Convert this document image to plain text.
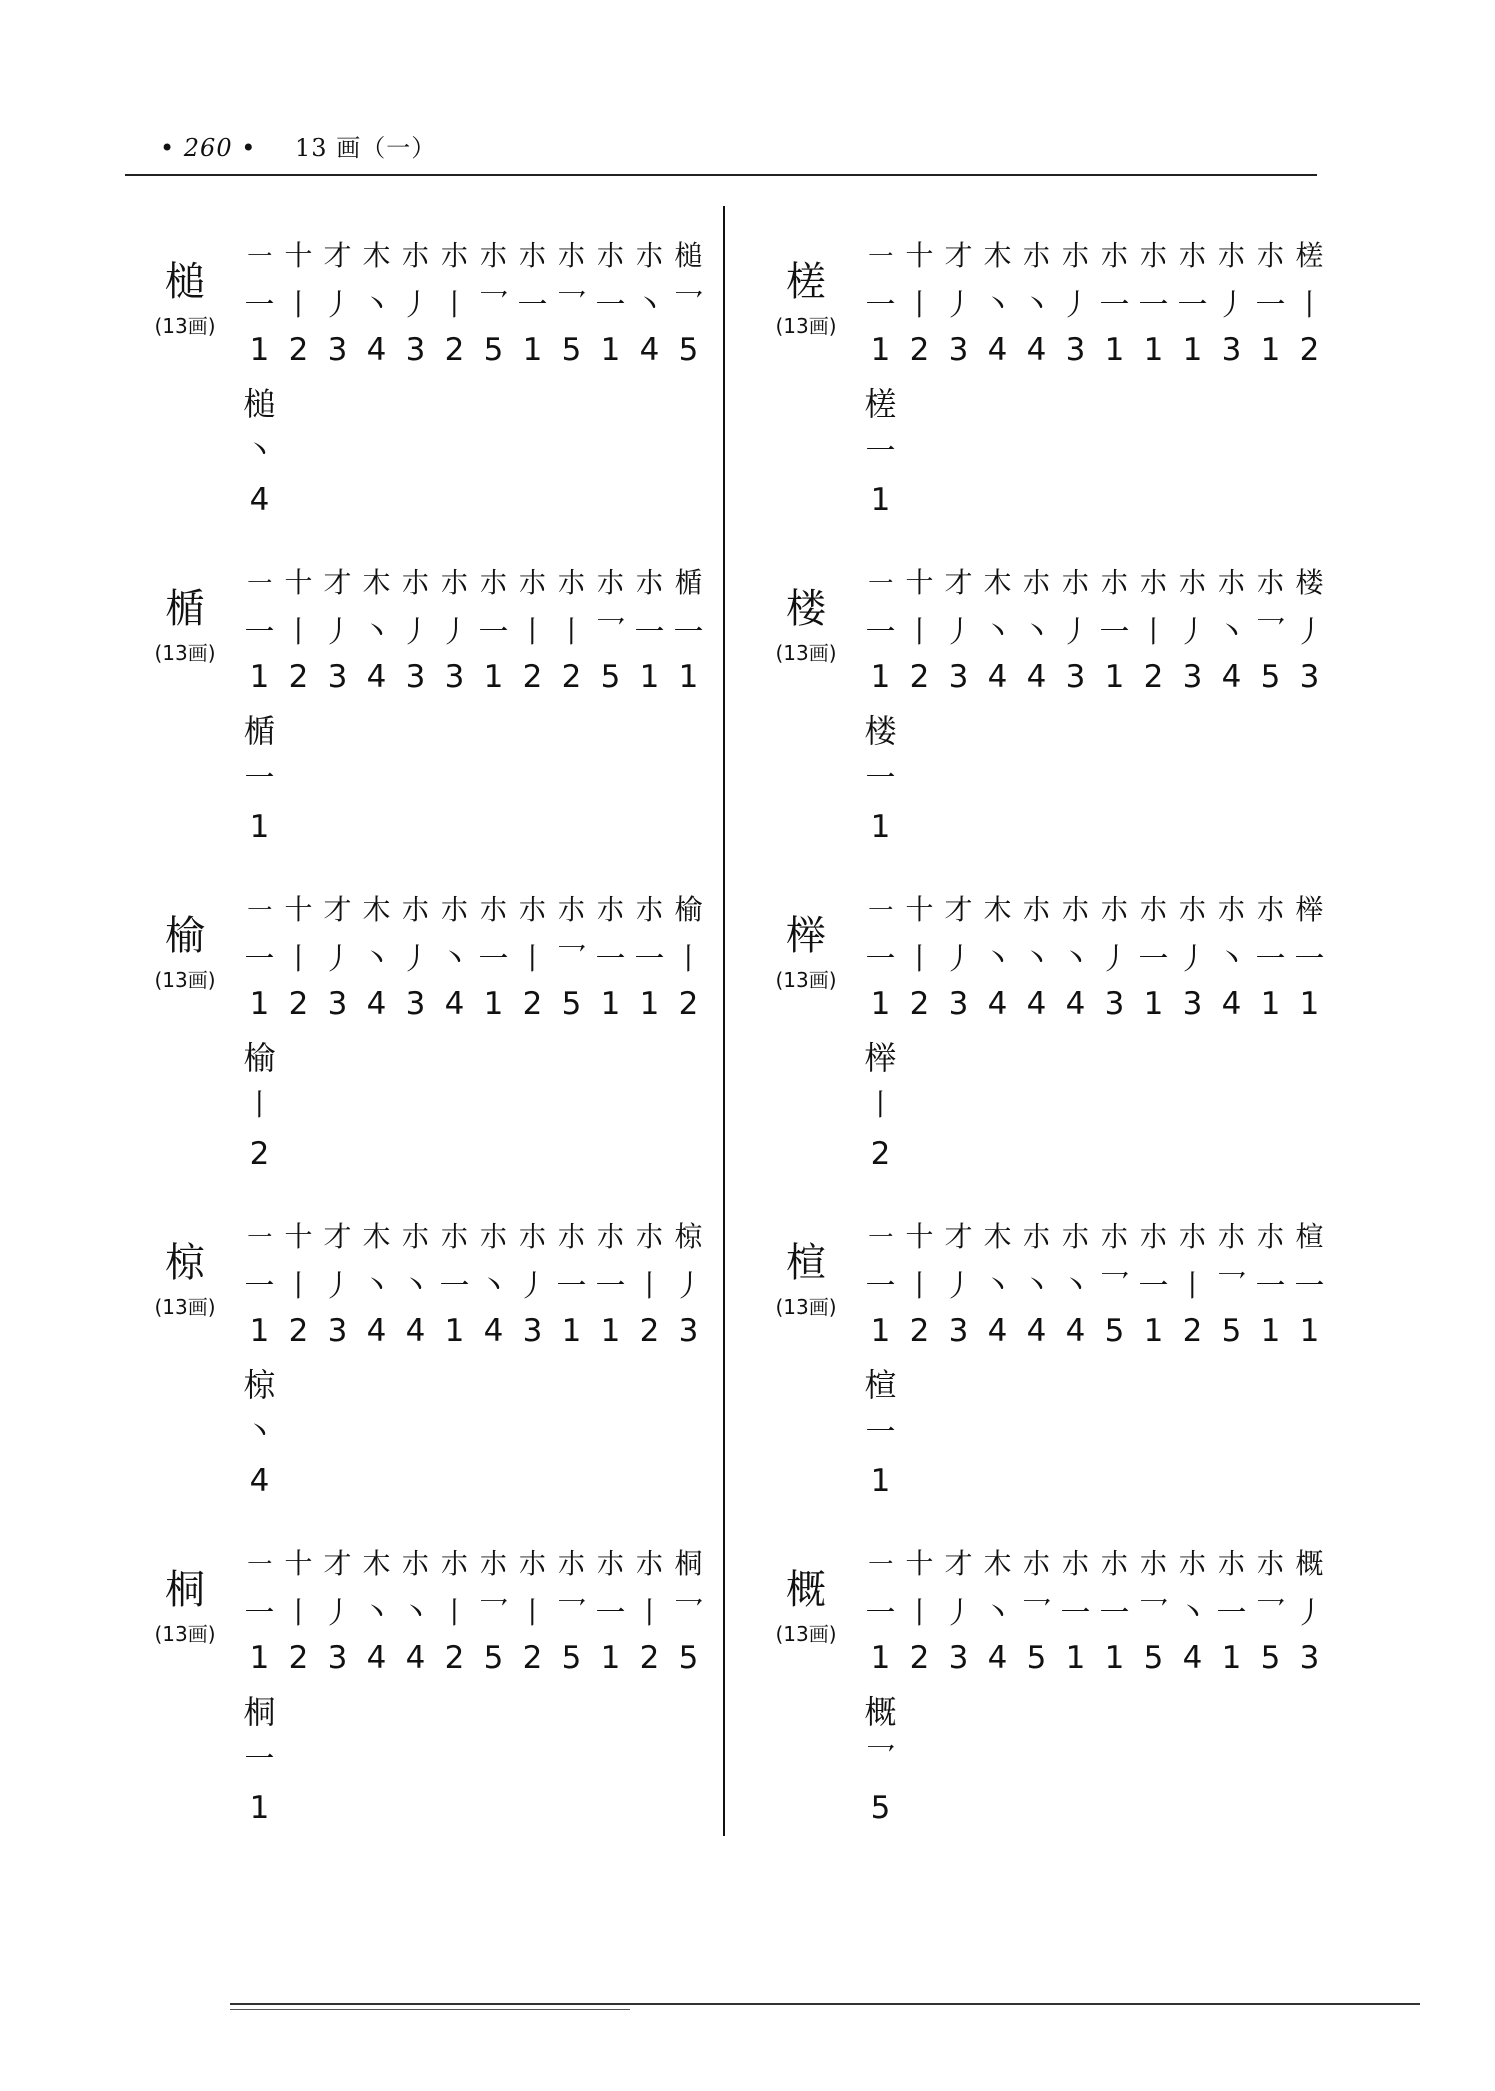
• 260 • 13 画（一）
槌
(13画)
㇐ 十 才 木 朩 朩 朩 朩 朩 朩 朩 槌
一 丨 丿 丶 丿 丨 乛 一 乛 一 丶 乛
1 2 3 4 3 2 5 1 5 1 4 5
槌
丶
4
楯
(13画)
㇐ 十 才 木 朩 朩 朩 朩 朩 朩 朩 楯
一 丨 丿 丶 丿 丿 一 丨 丨 乛 一 一
1 2 3 4 3 3 1 2 2 5 1 1
楯
一
1
榆
(13画)
㇐ 十 才 木 朩 朩 朩 朩 朩 朩 朩 榆
一 丨 丿 丶 丿 丶 一 丨 乛 一 一 丨
1 2 3 4 3 4 1 2 5 1 1 2
榆
丨
2
椋
(13画)
㇐ 十 才 木 朩 朩 朩 朩 朩 朩 朩 椋
一 丨 丿 丶 丶 一 丶 丿 一 一 丨 丿
1 2 3 4 4 1 4 3 1 1 2 3
椋
丶
4
桐
(13画)
㇐ 十 才 木 朩 朩 朩 朩 朩 朩 朩 桐
一 丨 丿 丶 丶 丨 乛 丨 乛 一 丨 乛
1 2 3 4 4 2 5 2 5 1 2 5
桐
一
1
槎
(13画)
㇐ 十 才 木 朩 朩 朩 朩 朩 朩 朩 槎
一 丨 丿 丶 丶 丿 一 一 一 丿 一 丨
1 2 3 4 4 3 1 1 1 3 1 2
槎
一
1
楼
(13画)
㇐ 十 才 木 朩 朩 朩 朩 朩 朩 朩 楼
一 丨 丿 丶 丶 丿 一 丨 丿 丶 乛 丿
1 2 3 4 4 3 1 2 3 4 5 3
楼
一
1
榉
(13画)
㇐ 十 才 木 朩 朩 朩 朩 朩 朩 朩 榉
一 丨 丿 丶 丶 丶 丿 一 丿 丶 一 一
1 2 3 4 4 4 3 1 3 4 1 1
榉
丨
2
楦
(13画)
㇐ 十 才 木 朩 朩 朩 朩 朩 朩 朩 楦
一 丨 丿 丶 丶 丶 乛 一 丨 乛 一 一
1 2 3 4 4 4 5 1 2 5 1 1
楦
一
1
概
(13画)
㇐ 十 才 木 朩 朩 朩 朩 朩 朩 朩 概
一 丨 丿 丶 乛 一 一 乛 丶 一 乛 丿
1 2 3 4 5 1 1 5 4 1 5 3
概
乛
5
